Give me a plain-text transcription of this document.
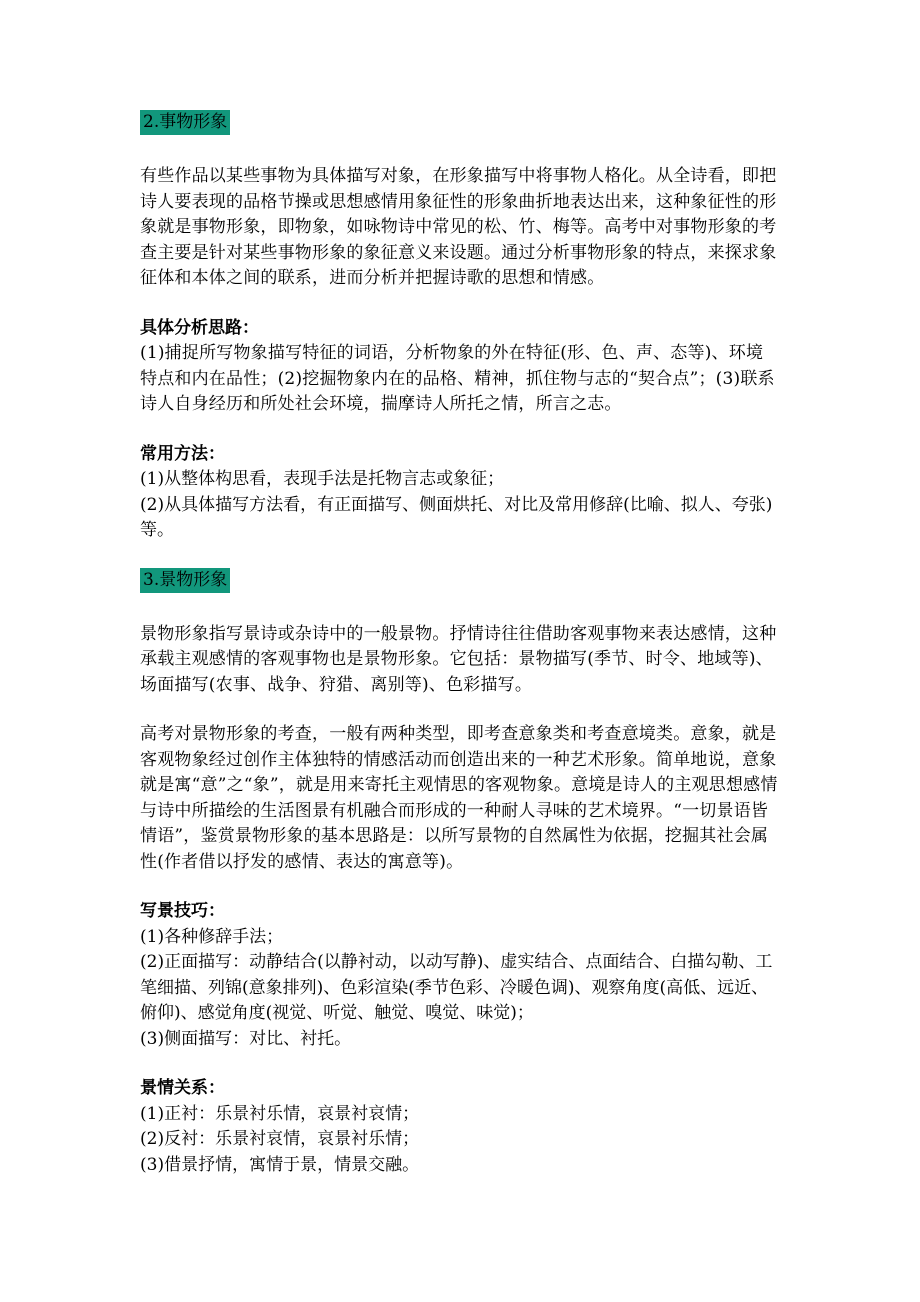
2.事物形象

有些作品以某些事物为具体描写对象，在形象描写中将事物人格化。从全诗看，即把诗人要表现的品格节操或思想感情用象征性的形象曲折地表达出来，这种象征性的形象就是事物形象，即物象，如咏物诗中常见的松、竹、梅等。高考中对事物形象的考查主要是针对某些事物形象的象征意义来设题。通过分析事物形象的特点，来探求象征体和本体之间的联系，进而分析并把握诗歌的思想和情感。

具体分析思路：

(1)捕捉所写物象描写特征的词语，分析物象的外在特征(形、色、声、态等)、环境特点和内在品性；(2)挖掘物象内在的品格、精神，抓住物与志的“契合点”；(3)联系诗人自身经历和所处社会环境，揣摩诗人所托之情，所言之志。

常用方法：

(1)从整体构思看，表现手法是托物言志或象征；

(2)从具体描写方法看，有正面描写、侧面烘托、对比及常用修辞(比喻、拟人、夸张)等。

3.景物形象

景物形象指写景诗或杂诗中的一般景物。抒情诗往往借助客观事物来表达感情，这种承载主观感情的客观事物也是景物形象。它包括：景物描写(季节、时令、地域等)、场面描写(农事、战争、狩猎、离别等)、色彩描写。

高考对景物形象的考查，一般有两种类型，即考查意象类和考查意境类。意象，就是客观物象经过创作主体独特的情感活动而创造出来的一种艺术形象。简单地说，意象就是寓“意”之“象”，就是用来寄托主观情思的客观物象。意境是诗人的主观思想感情与诗中所描绘的生活图景有机融合而形成的一种耐人寻味的艺术境界。“一切景语皆情语”，鉴赏景物形象的基本思路是：以所写景物的自然属性为依据，挖掘其社会属性(作者借以抒发的感情、表达的寓意等)。

写景技巧：

(1)各种修辞手法；

(2)正面描写：动静结合(以静衬动，以动写静)、虚实结合、点面结合、白描勾勒、工笔细描、列锦(意象排列)、色彩渲染(季节色彩、冷暖色调)、观察角度(高低、远近、俯仰)、感觉角度(视觉、听觉、触觉、嗅觉、味觉)；

(3)侧面描写：对比、衬托。

景情关系：

(1)正衬：乐景衬乐情，哀景衬哀情；

(2)反衬：乐景衬哀情，哀景衬乐情；

(3)借景抒情，寓情于景，情景交融。
